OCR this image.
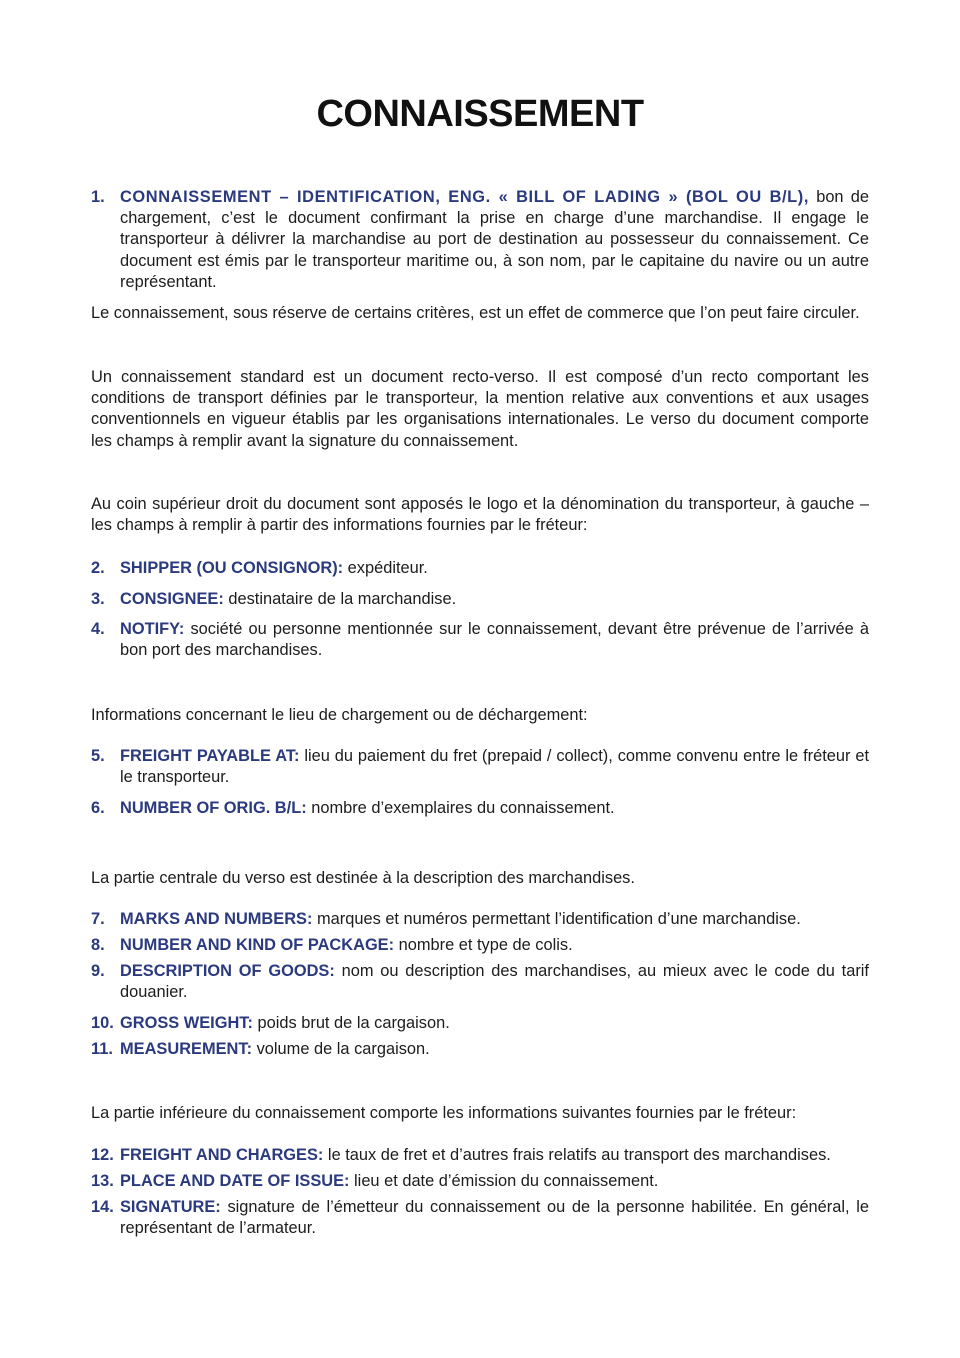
CONNAISSEMENT
1. CONNAISSEMENT – IDENTIFICATION, ENG. « BILL OF LADING » (BOL OU B/L), bon de chargement, c’est le document confirmant la prise en charge d’une marchandise. Il engage le transporteur à délivrer la marchandise au port de destination au possesseur du connaissement. Ce document est émis par le transporteur maritime ou, à son nom, par le capitaine du navire ou un autre représentant.

Le connaissement, sous réserve de certains critères, est un effet de commerce que l’on peut faire circuler.

Un connaissement standard est un document recto-verso. Il est composé d’un recto comportant les conditions de transport définies par le transporteur, la mention relative aux conventions et aux usages conventionnels en vigueur établis par les organisations internationales. Le verso du document comporte les champs à remplir avant la signature du connaissement.

Au coin supérieur droit du document sont apposés le logo et la dénomination du transporteur, à gauche – les champs à remplir à partir des informations fournies par le fréteur:

2. SHIPPER (OU CONSIGNOR): expéditeur.
3. CONSIGNEE: destinataire de la marchandise.
4. NOTIFY: société ou personne mentionnée sur le connaissement, devant être prévenue de l’arrivée à bon port des marchandises.

Informations concernant le lieu de chargement ou de déchargement:

5. FREIGHT PAYABLE AT: lieu du paiement du fret (prepaid / collect), comme convenu entre le fréteur et le transporteur.
6. NUMBER OF ORIG. B/L: nombre d’exemplaires du connaissement.

La partie centrale du verso est destinée à la description des marchandises.

7. MARKS AND NUMBERS: marques et numéros permettant l’identification d’une marchandise.
8. NUMBER AND KIND OF PACKAGE: nombre et type de colis.
9. DESCRIPTION OF GOODS: nom ou description des marchandises, au mieux avec le code du tarif douanier.
10. GROSS WEIGHT: poids brut de la cargaison.
11. MEASUREMENT: volume de la cargaison.

La partie inférieure du connaissement comporte les informations suivantes fournies par le fréteur:

12. FREIGHT AND CHARGES: le taux de fret et d’autres frais relatifs au transport des marchandises.
13. PLACE AND DATE OF ISSUE: lieu et date d’émission du connaissement.
14. SIGNATURE: signature de l’émetteur du connaissement ou de la personne habilitée. En général, le représentant de l’armateur.
